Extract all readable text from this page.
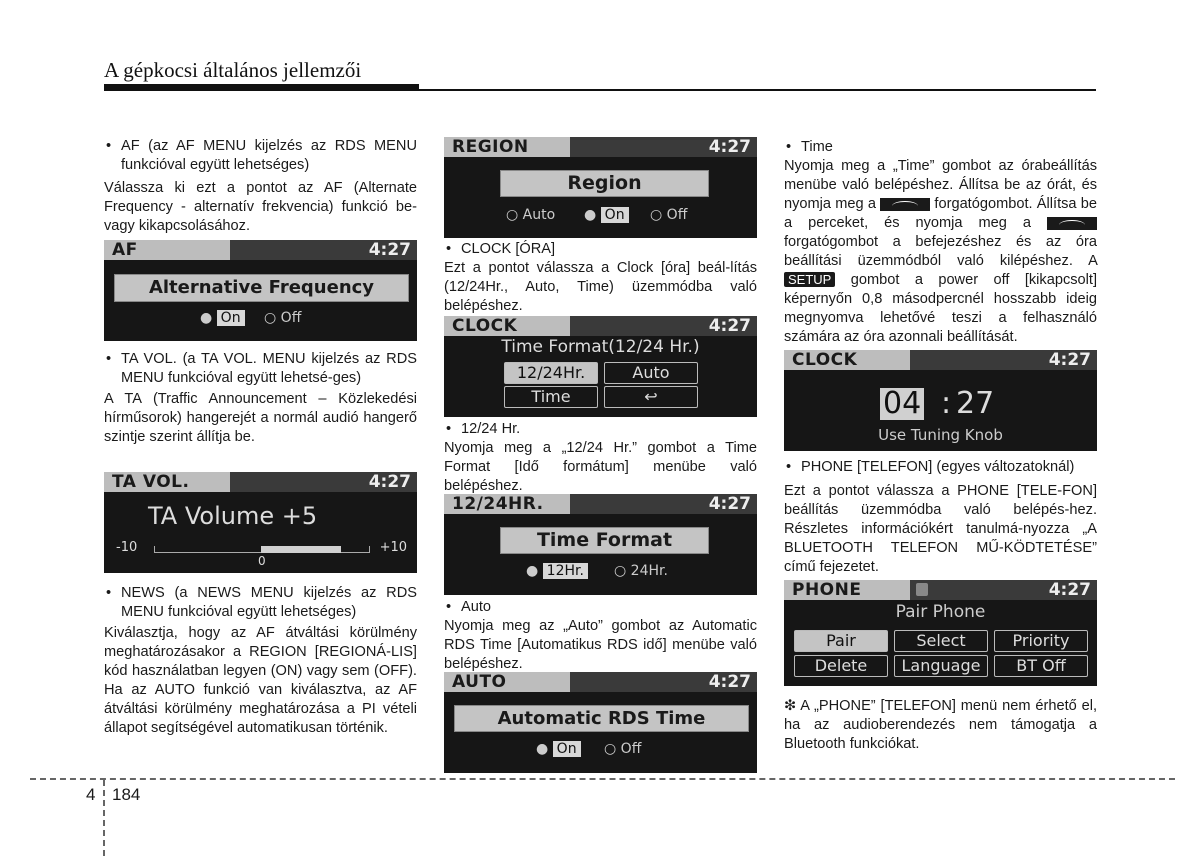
A gépkocsi általános jellemzői

• AF (az AF MENU kijelzés az RDS MENU funkcióval együtt lehetséges)

Válassza ki ezt a pontot az AF (Alternate Frequency - alternatív frekvencia) funkció be- vagy kikapcsolásához.

AF	4:27
Alternative Frequency
● On ○ Off

• TA VOL. (a TA VOL. MENU kijelzés az RDS MENU funkcióval együtt lehetsé-ges)

A TA (Traffic Announcement – Közlekedési hírműsorok) hangerejét a normál audió hangerő szintje szerint állítja be.

TA VOL.	4:27
TA Volume +5
-10	+10
0

• NEWS (a NEWS MENU kijelzés az RDS MENU funkcióval együtt lehetséges)

Kiválasztja, hogy az AF átváltási körülmény meghatározásakor a REGION [REGIONÁ-LIS] kód használatban legyen (ON) vagy sem (OFF). Ha az AUTO funkció van kiválasztva, az AF átváltási körülmény meghatározása a PI vételi állapot segítségével automatikusan történik.

REGION	4:27
Region
○ Auto ● On ○ Off

• CLOCK [ÓRA]

Ezt a pontot válassza a Clock [óra] beál-lítás (12/24Hr., Auto, Time) üzemmódba való belépéshez.

CLOCK	4:27
Time Format(12/24 Hr.)
12/24Hr.	Auto
Time	↩

• 12/24 Hr.

Nyomja meg a „12/24 Hr.” gombot a Time Format [Idő formátum] menübe való belépéshez.

12/24HR.	4:27
Time Format
● 12Hr. ○ 24Hr.

• Auto

Nyomja meg az „Auto” gombot az Automatic RDS Time [Automatikus RDS idő] menübe való belépéshez.

AUTO	4:27
Automatic RDS Time
● On ○ Off

• Time

Nyomja meg a „Time” gombot az órabeállítás menübe való belépéshez. Állítsa be az órát, és nyomja meg a	forgatógombot. Állítsa be a perceket, és nyomja meg a
forgatógombot a befejezéshez és az óra beállítási üzemmódból való kilépéshez. A SETUP gombot a power off [kikapcsolt] képernyőn 0,8 másodpercnél hosszabb ideig megnyomva lehetővé teszi a felhasználó számára az óra azonnali beállítását.

CLOCK	4:27
04 : 27
Use Tuning Knob

• PHONE [TELEFON] (egyes változatoknál)

Ezt a pontot válassza a PHONE [TELE-FON] beállítás üzemmódba való belépés-hez. Részletes információkért tanulmá-nyozza „A BLUETOOTH TELEFON MŰ-KÖDTETÉSE” című fejezetet.

PHONE	4:27
Pair Phone
Pair	Select	Priority
Delete	Language	BT Off

❇ A „PHONE” [TELEFON] menü nem érhető el, ha az audioberendezés nem támogatja a Bluetooth funkciókat.

4 184
